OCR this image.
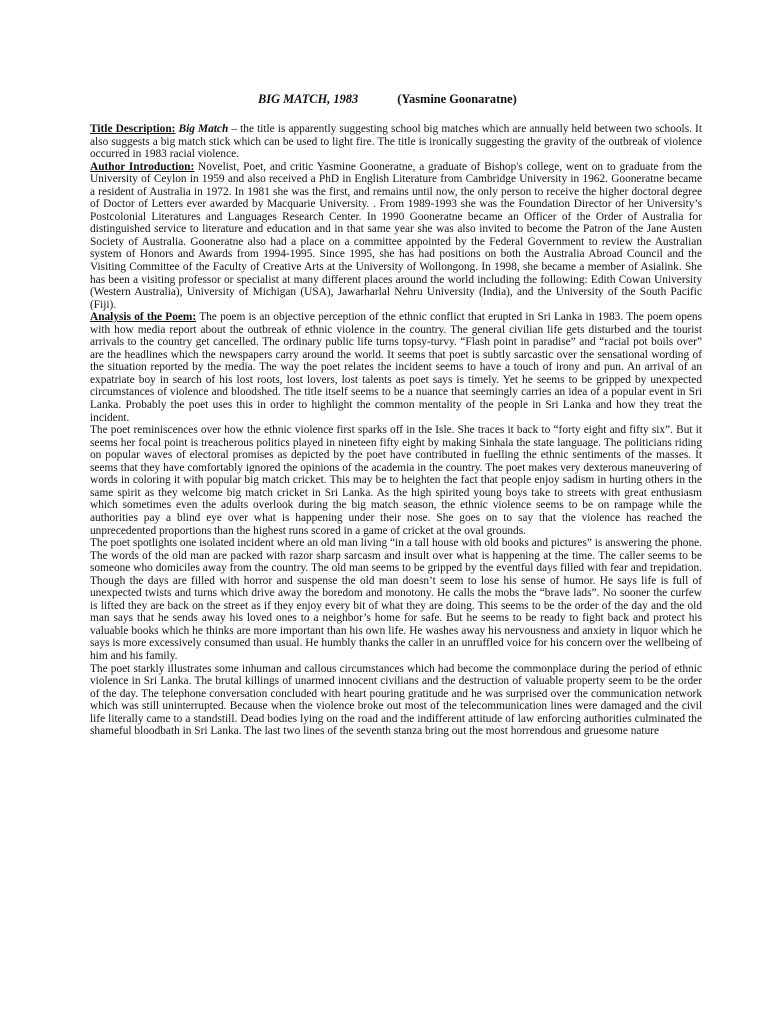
BIG MATCH, 1983	(Yasmine Goonaratne)

Title Description: Big Match – the title is apparently suggesting school big matches which are annually held between two schools. It also suggests a big match stick which can be used to light fire. The title is ironically suggesting the gravity of the outbreak of violence occurred in 1983 racial violence.

Author Introduction: Novelist, Poet, and critic Yasmine Gooneratne, a graduate of Bishop's college, went on to graduate from the University of Ceylon in 1959 and also received a PhD in English Literature from Cambridge University in 1962. Gooneratne became a resident of Australia in 1972. In 1981 she was the first, and remains until now, the only person to receive the higher doctoral degree of Doctor of Letters ever awarded by Macquarie University. . From 1989-1993 she was the Foundation Director of her University’s Postcolonial Literatures and Languages Research Center. In 1990 Gooneratne became an Officer of the Order of Australia for distinguished service to literature and education and in that same year she was also invited to become the Patron of the Jane Austen Society of Australia. Gooneratne also had a place on a committee appointed by the Federal Government to review the Australian system of Honors and Awards from 1994-1995. Since 1995, she has had positions on both the Australia Abroad Council and the Visiting Committee of the Faculty of Creative Arts at the University of Wollongong. In 1998, she became a member of Asialink. She has been a visiting professor or specialist at many different places around the world including the following: Edith Cowan University (Western Australia), University of Michigan (USA), Jawarharlal Nehru University (India), and the University of the South Pacific (Fiji).

Analysis of the Poem: The poem is an objective perception of the ethnic conflict that erupted in Sri Lanka in 1983. The poem opens with how media report about the outbreak of ethnic violence in the country. The general civilian life gets disturbed and the tourist arrivals to the country get cancelled. The ordinary public life turns topsy-turvy. “Flash point in paradise” and “racial pot boils over” are the headlines which the newspapers carry around the world. It seems that poet is subtly sarcastic over the sensational wording of the situation reported by the media. The way the poet relates the incident seems to have a touch of irony and pun. An arrival of an expatriate boy in search of his lost roots, lost lovers, lost talents as poet says is timely. Yet he seems to be gripped by unexpected circumstances of violence and bloodshed. The title itself seems to be a nuance that seemingly carries an idea of a popular event in Sri Lanka. Probably the poet uses this in order to highlight the common mentality of the people in Sri Lanka and how they treat the incident.

The poet reminiscences over how the ethnic violence first sparks off in the Isle. She traces it back to “forty eight and fifty six”. But it seems her focal point is treacherous politics played in nineteen fifty eight by making Sinhala the state language. The politicians riding on popular waves of electoral promises as depicted by the poet have contributed in fuelling the ethnic sentiments of the masses. It seems that they have comfortably ignored the opinions of the academia in the country. The poet makes very dexterous maneuvering of words in coloring it with popular big match cricket. This may be to heighten the fact that people enjoy sadism in hurting others in the same spirit as they welcome big match cricket in Sri Lanka. As the high spirited young boys take to streets with great enthusiasm which sometimes even the adults overlook during the big match season, the ethnic violence seems to be on rampage while the authorities pay a blind eye over what is happening under their nose. She goes on to say that the violence has reached the unprecedented proportions than the highest runs scored in a game of cricket at the oval grounds.

The poet spotlights one isolated incident where an old man living “in a tall house with old books and pictures” is answering the phone. The words of the old man are packed with razor sharp sarcasm and insult over what is happening at the time. The caller seems to be someone who domiciles away from the country. The old man seems to be gripped by the eventful days filled with fear and trepidation. Though the days are filled with horror and suspense the old man doesn’t seem to lose his sense of humor. He says life is full of unexpected twists and turns which drive away the boredom and monotony. He calls the mobs the “brave lads”. No sooner the curfew is lifted they are back on the street as if they enjoy every bit of what they are doing. This seems to be the order of the day and the old man says that he sends away his loved ones to a neighbor’s home for safe. But he seems to be ready to fight back and protect his valuable books which he thinks are more important than his own life. He washes away his nervousness and anxiety in liquor which he says is more excessively consumed than usual. He humbly thanks the caller in an unruffled voice for his concern over the wellbeing of him and his family.

The poet starkly illustrates some inhuman and callous circumstances which had become the commonplace during the period of ethnic violence in Sri Lanka. The brutal killings of unarmed innocent civilians and the destruction of valuable property seem to be the order of the day. The telephone conversation concluded with heart pouring gratitude and he was surprised over the communication network which was still uninterrupted. Because when the violence broke out most of the telecommunication lines were damaged and the civil life literally came to a standstill. Dead bodies lying on the road and the indifferent attitude of law enforcing authorities culminated the shameful bloodbath in Sri Lanka. The last two lines of the seventh stanza bring out the most horrendous and gruesome nature
